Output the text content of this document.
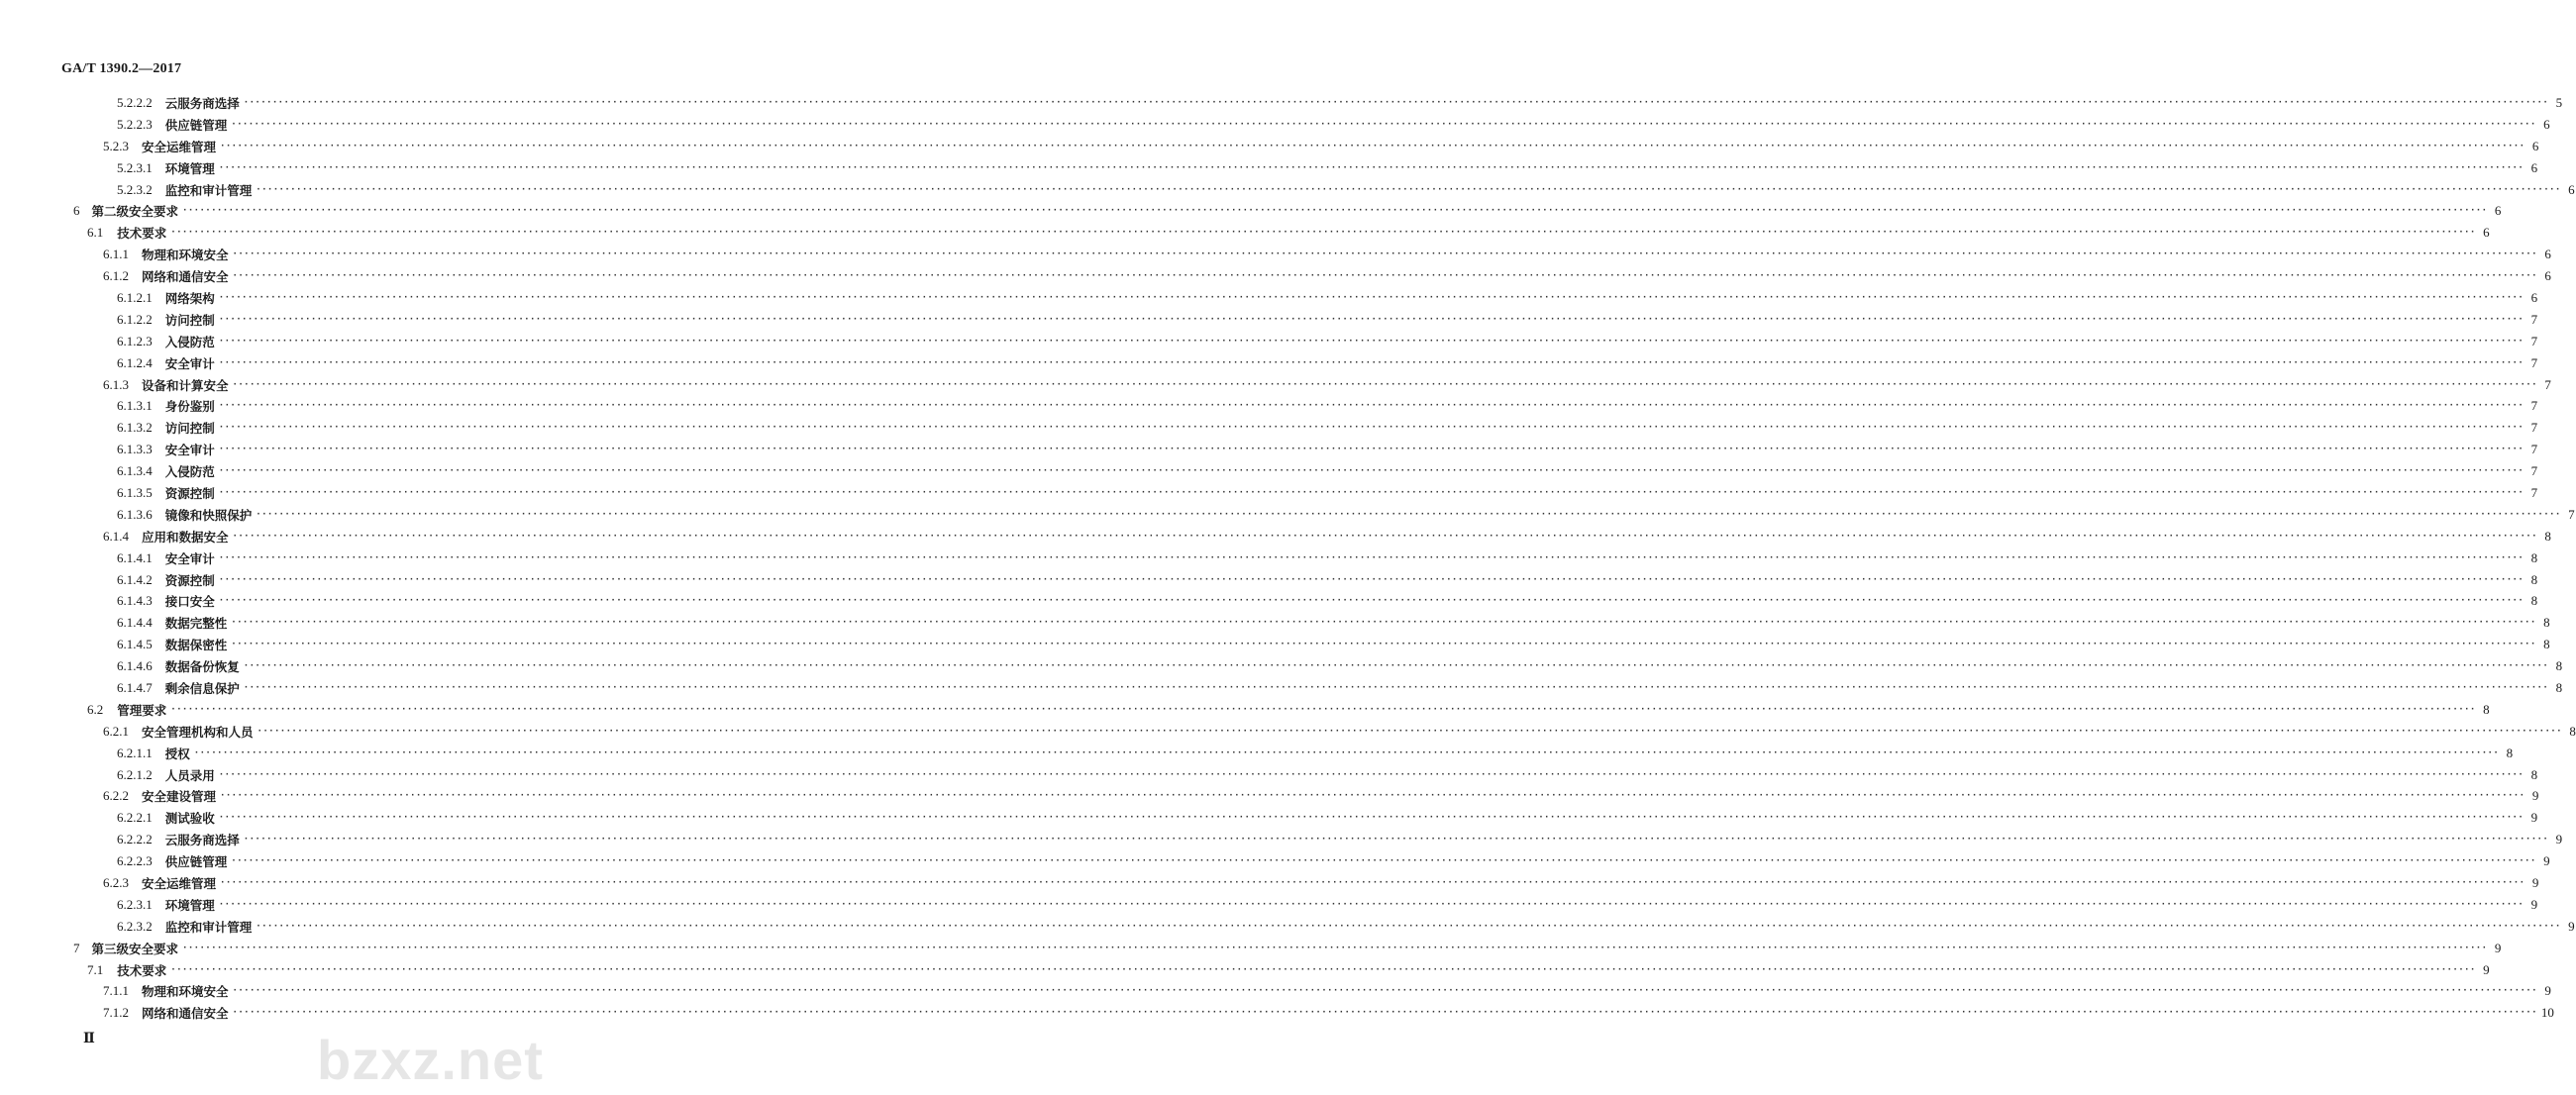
GA/T 1390.2—2017
bzxz.net
5.2.2.2 云服务商选择 ················································································································································································································································································································································································································ 5
5.2.2.3 供应链管理 ················································································································································································································································································································································································································ 6
5.2.3 安全运维管理 ················································································································································································································································································································································································································ 6
5.2.3.1 环境管理 ················································································································································································································································································································································································································ 6
5.2.3.2 监控和审计管理 ················································································································································································································································································································································································································ 6
6 第二级安全要求 ················································································································································································································································································································································································································ 6
6.1 技术要求 ················································································································································································································································································································································································································ 6
6.1.1 物理和环境安全 ················································································································································································································································································································································································································ 6
6.1.2 网络和通信安全 ················································································································································································································································································································································································································ 6
6.1.2.1 网络架构 ················································································································································································································································································································································································································ 6
6.1.2.2 访问控制 ················································································································································································································································································································································································································ 7
6.1.2.3 入侵防范 ················································································································································································································································································································································································································ 7
6.1.2.4 安全审计 ················································································································································································································································································································································································································ 7
6.1.3 设备和计算安全 ················································································································································································································································································································································································································ 7
6.1.3.1 身份鉴别 ················································································································································································································································································································································································································ 7
6.1.3.2 访问控制 ················································································································································································································································································································································································································ 7
6.1.3.3 安全审计 ················································································································································································································································································································································································································ 7
6.1.3.4 入侵防范 ················································································································································································································································································································································································································ 7
6.1.3.5 资源控制 ················································································································································································································································································································································································································ 7
6.1.3.6 镜像和快照保护 ················································································································································································································································································································································································································ 7
6.1.4 应用和数据安全 ················································································································································································································································································································································································································ 8
6.1.4.1 安全审计 ················································································································································································································································································································································································································ 8
6.1.4.2 资源控制 ················································································································································································································································································································································································································ 8
6.1.4.3 接口安全 ················································································································································································································································································································································································································ 8
6.1.4.4 数据完整性 ················································································································································································································································································································································································································ 8
6.1.4.5 数据保密性 ················································································································································································································································································································································································································ 8
6.1.4.6 数据备份恢复 ················································································································································································································································································································································································································ 8
6.1.4.7 剩余信息保护 ················································································································································································································································································································································································································ 8
6.2 管理要求 ················································································································································································································································································································································································································ 8
6.2.1 安全管理机构和人员 ················································································································································································································································································································································································································ 8
6.2.1.1 授权 ················································································································································································································································································································································································································ 8
6.2.1.2 人员录用 ················································································································································································································································································································································································································ 8
6.2.2 安全建设管理 ················································································································································································································································································································································································································ 9
6.2.2.1 测试验收 ················································································································································································································································································································································································································ 9
6.2.2.2 云服务商选择 ················································································································································································································································································································································································································ 9
6.2.2.3 供应链管理 ················································································································································································································································································································································································································ 9
6.2.3 安全运维管理 ················································································································································································································································································································································································································ 9
6.2.3.1 环境管理 ················································································································································································································································································································································································································ 9
6.2.3.2 监控和审计管理 ················································································································································································································································································································································································································ 9
7 第三级安全要求 ················································································································································································································································································································································································································ 9
7.1 技术要求 ················································································································································································································································································································································································································ 9
7.1.1 物理和环境安全 ················································································································································································································································································································································································································ 9
7.1.2 网络和通信安全 ················································································································································································································································································································································································································ 10
Ⅱ
